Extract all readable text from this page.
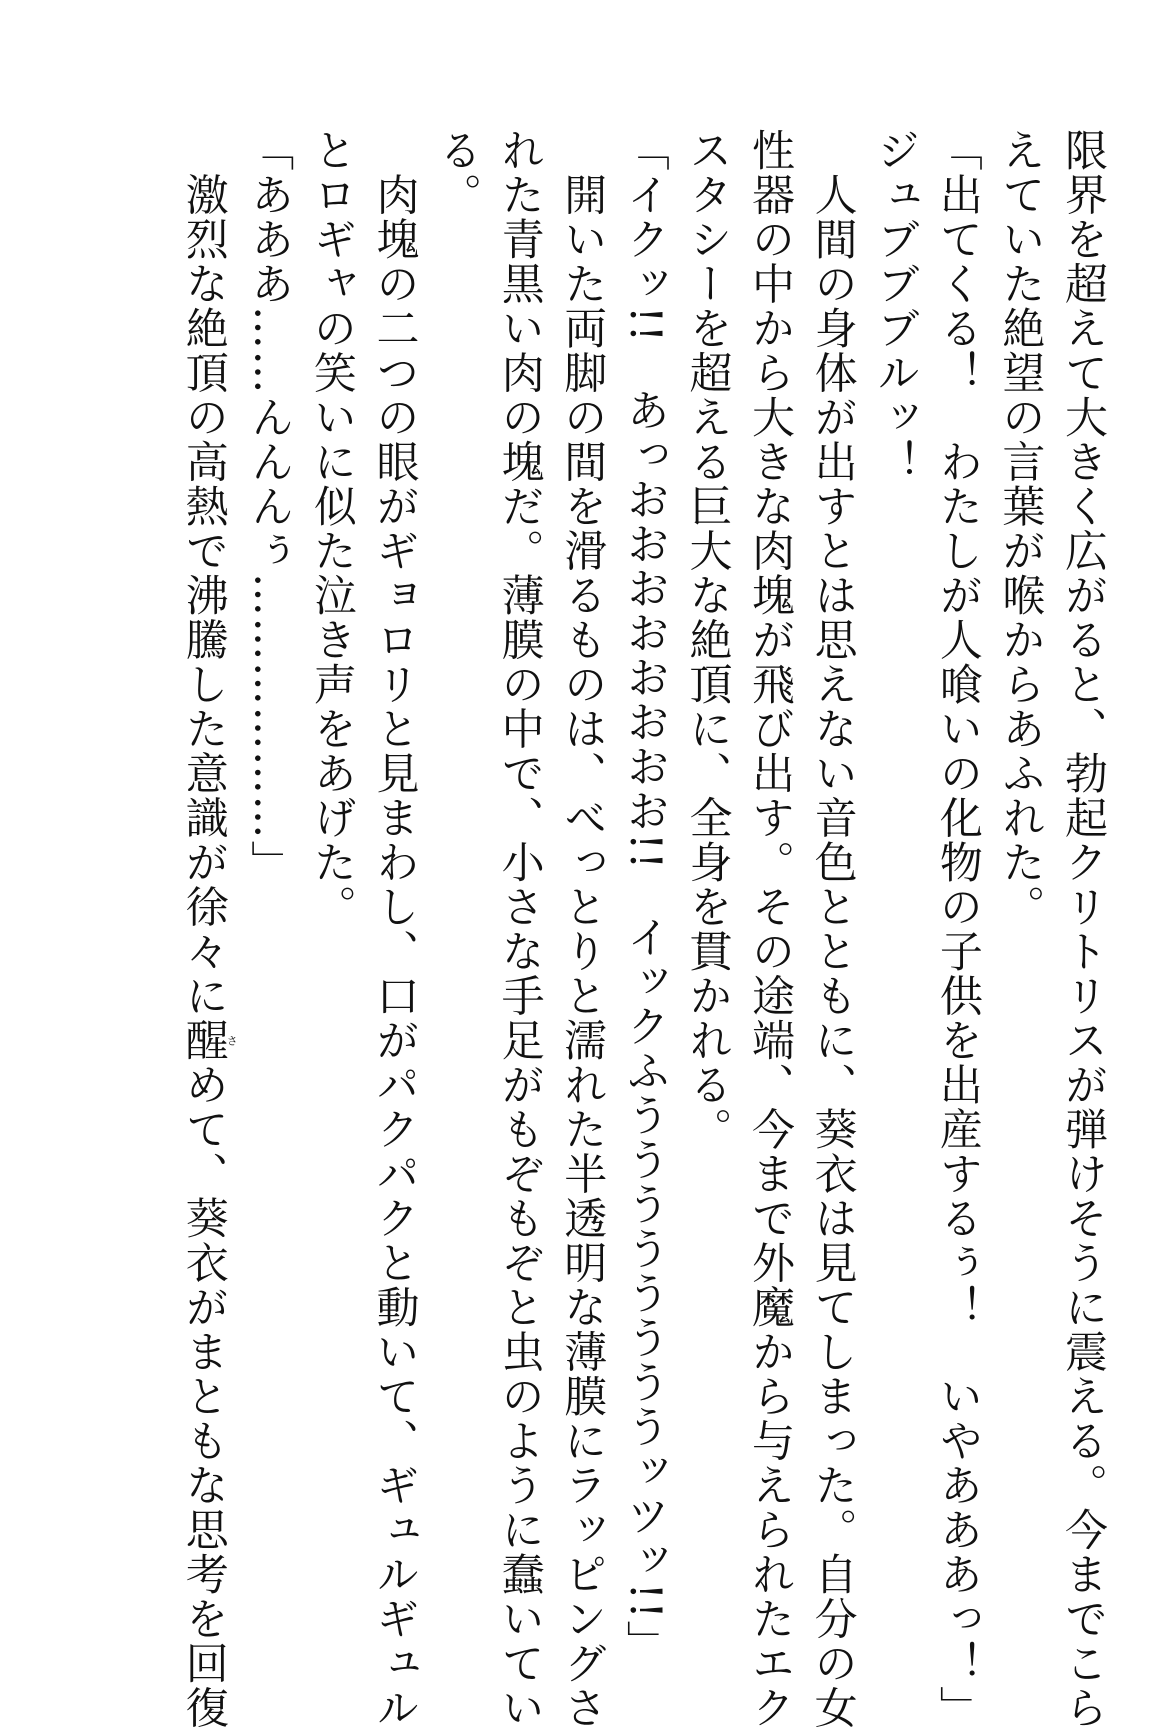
限界を超えて大きく広がると、勃起クリトリスが弾けそうに震える。今までこら
えていた絶望の言葉が喉からあふれた。
「出てくる！　わたしが人喰いの化物の子供を出産するぅ！　いやあああっ！」
ジュブブブルッ！
　人間の身体が出すとは思えない音色とともに、葵衣は見てしまった。自分の女
性器の中から大きな肉塊が飛び出す。その途端、今まで外魔から与えられたエク
スタシーを超える巨大な絶頂に、全身を貫かれる。
「イクッ!!　あっおおおおおおおお!!　イックふううううううううッツッ!!」
　開いた両脚の間を滑るものは、べっとりと濡れた半透明な薄膜にラッピングさ
れた青黒い肉の塊だ。薄膜の中で、小さな手足がもぞもぞと虫のように蠢いてい
る。
　肉塊の二つの眼がギョロリと見まわし、口がパクパクと動いて、ギュルギュル
とロギャの笑いに似た泣き声をあげた。
「あああ……んんんぅ………………」
　激烈な絶頂の高熱で沸騰した意識が徐々に醒さめて、葵衣がまともな思考を回復
